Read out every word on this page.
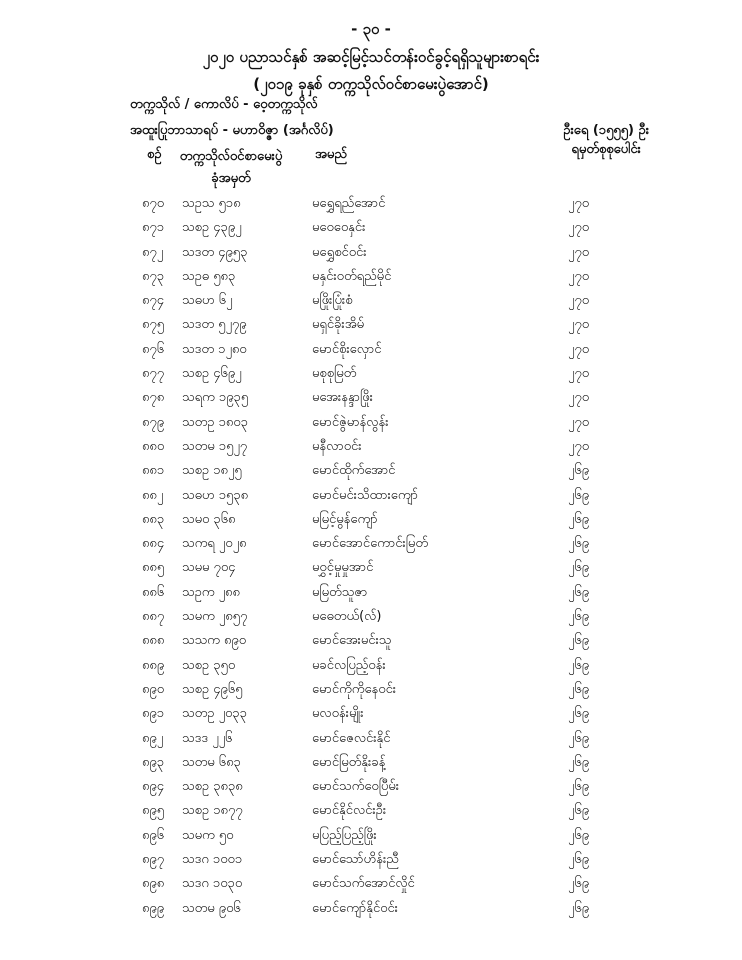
- ၃၀ -
၂၀၂၀ ပညာသင်နှစ် အဆင့်မြင့်သင်တန်းဝင်ခွင့်ရရှိသူများစာရင်း
(၂၀၁၉ ခုနှစ် တက္ကသိုလ်ဝင်စာမေးပွဲအောင်)
တက္ကသိုလ် / ကောလိပ် - ဝေ့တက္ကသိုလ်
အထူးပြုဘာသာရပ် - မဟာဝိဇ္ဇာ (အင်္ဂလိပ်)	ဦးရေ (၁၅၅၅) ဦး
ရမှတ်စုစုပေါင်း
စဉ် တက္ကသိုလ်ဝင်စာမေးပွဲ
ခုံအမှတ်
အမည်
၈၇၀	သဥသ ၅၁၈	မရွှေရည်အောင်	၂၇၀
၈၇၁	သစဥ ၄၃၉၂	မဝေဝေနှင်း	၂၇၀
၈၇၂	သဒတ ၄၉၅၃	မရွှေစင်ဝင်း	၂၇၀
၈၇၃	သဥဓ ၅၈၃	မနှင်းဝတ်ရည်မိုင်	၂၇၀
၈၇၄	သဓဟ ၆၂	မဖြိုးပြုံးစံ	၂၇၀
၈၇၅	သဒတ ၅၂၇၉	မရှင်ခိုးအိမ်	၂၇၀
၈၇၆	သဒတ ၁၂၈၀	မောင်စိုးလှောင်	၂၇၀
၈၇၇	သစဥ ၄၆၉၂	မစုစုမြတ်	၂၇၀
၈၇၈	သရက ၁၉၃၅	မအေးနန္ဒာဖြိုး	၂၇၀
၈၇၉	သတဥ ၁၈၀၃	မောင်ဇွဲမာန်လွန်း	၂၇၀
၈၈၀	သတမ ၁၅၂၇	မနီလာဝင်း	၂၇၀
၈၈၁	သစဥ ၁၈၂၅	မောင်ထိုက်အောင်	၂၆၉
၈၈၂	သဓဟ ၁၅၃၈	မောင်မင်းသိထားကျော်	၂၆၉
၈၈၃	သမဝ ၃၆၈	မမြင့်မွန်ကျော်	၂၆၉
၈၈၄	သကရ ၂၀၂၈	မောင်အောင်ကောင်းမြတ်	၂၆၉
၈၈၅	သမမ ၇၀၄	မဝွှင့်မှုမှုအာင်	၂၆၉
၈၈၆	သဥက ၂၈၈	မမြတ်သူဇာ	၂၆၉
၈၈၇	သမက ၂၈၅၇	မဓေတယ်(လ်)	၂၆၉
၈၈၈	သသက ၈၉၀	မောင်အေးမင်းသူ	၂၆၉
၈၈၉	သစဥ ၃၅၀	မခင်လပြည့်ဝန်း	၂၆၉
၈၉၀	သစဥ ၄၉၆၅	မောင်ကိုကိုနေဝင်း	၂၆၉
၈၉၁	သတဥ ၂၀၃၃	မလဝန်းမျိုး	၂၆၉
၈၉၂	သဒဒ ၂၂၆	မောင်ဇေလင်းနိုင်	၂၆၉
၈၉၃	သတမ ၆၈၃	မောင်မြတ်နိုးခန့်	၂၆၉
၈၉၄	သစဥ ၃၈၃၈	မောင်သက်ဝေပြီမ်း	၂၆၉
၈၉၅	သစဥ ၁၈၇၇	မောင်နိုင်လင်းဦး	၂၆၉
၈၉၆	သမက ၅၀	မပြည့်ပြည့်ဖြိုး	၂၆၉
၈၉၇	သဒဂ ၁၀၀၁	မောင်သော်ဟိန်းညီ	၂၆၉
၈၉၈	သဒဂ ၁၀၃၀	မောင်သက်အောင်လှိုင်	၂၆၉
၈၉၉	သတမ ၉၀၆	မောင်ကျော်နိုင်ဝင်း	၂၆၉
